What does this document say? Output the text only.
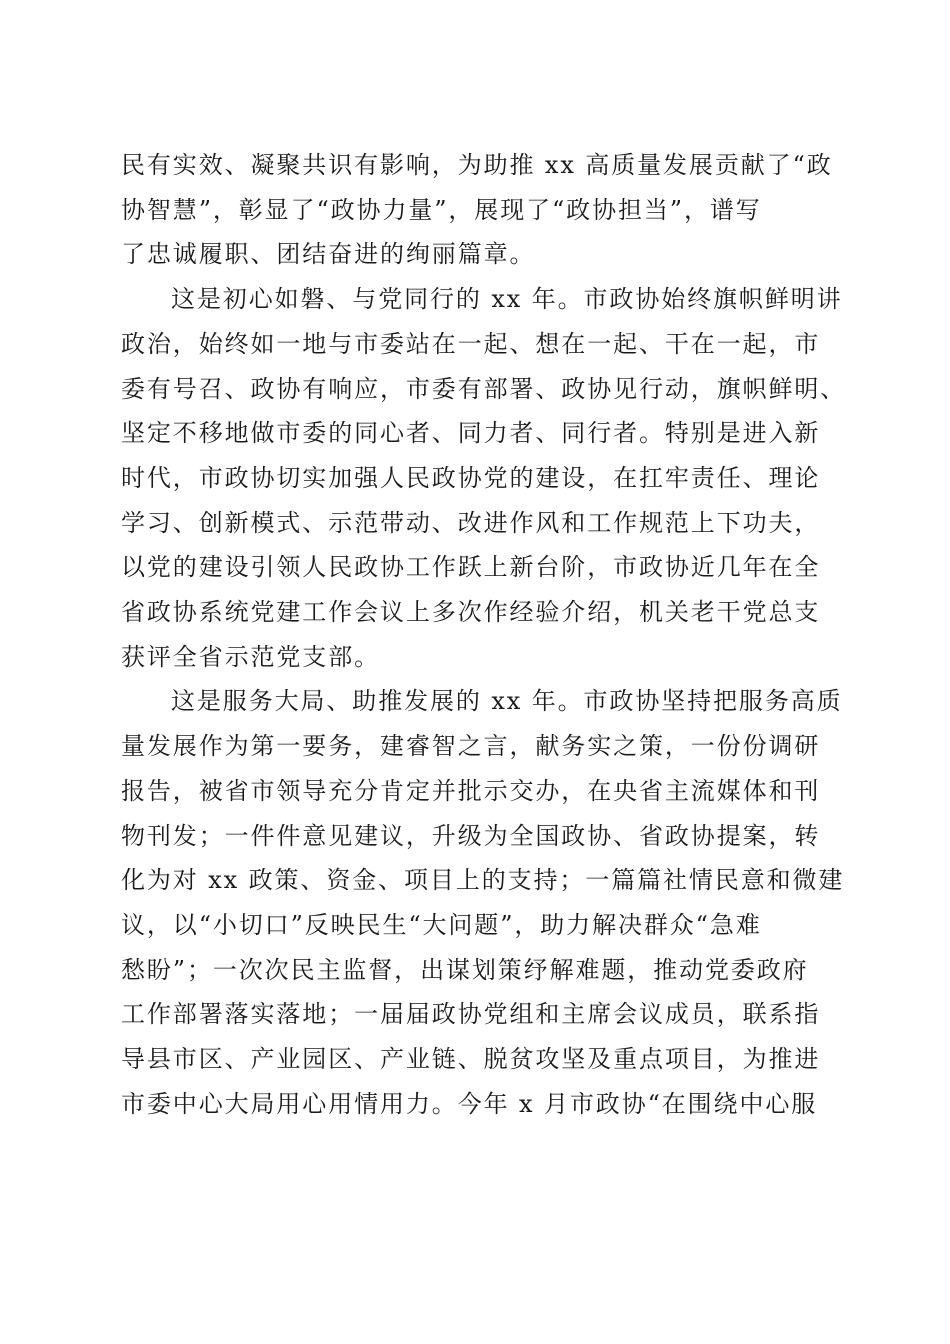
民有实效、凝聚共识有影响，为助推 xx 高质量发展贡献了“政
协智慧”，彰显了“政协力量”，展现了“政协担当”，谱写
了忠诚履职、团结奋进的绚丽篇章。
这是初心如磐、与党同行的 xx 年。市政协始终旗帜鲜明讲
政治，始终如一地与市委站在一起、想在一起、干在一起，市
委有号召、政协有响应，市委有部署、政协见行动，旗帜鲜明、
坚定不移地做市委的同心者、同力者、同行者。特别是进入新
时代，市政协切实加强人民政协党的建设，在扛牢责任、理论
学习、创新模式、示范带动、改进作风和工作规范上下功夫，
以党的建设引领人民政协工作跃上新台阶，市政协近几年在全
省政协系统党建工作会议上多次作经验介绍，机关老干党总支
获评全省示范党支部。
这是服务大局、助推发展的 xx 年。市政协坚持把服务高质
量发展作为第一要务，建睿智之言，献务实之策，一份份调研
报告，被省市领导充分肯定并批示交办，在央省主流媒体和刊
物刊发；一件件意见建议，升级为全国政协、省政协提案，转
化为对 xx 政策、资金、项目上的支持；一篇篇社情民意和微建
议，以“小切口”反映民生“大问题”，助力解决群众“急难
愁盼”；一次次民主监督，出谋划策纾解难题，推动党委政府
工作部署落实落地；一届届政协党组和主席会议成员，联系指
导县市区、产业园区、产业链、脱贫攻坚及重点项目，为推进
市委中心大局用心用情用力。今年 x 月市政协“在围绕中心服
